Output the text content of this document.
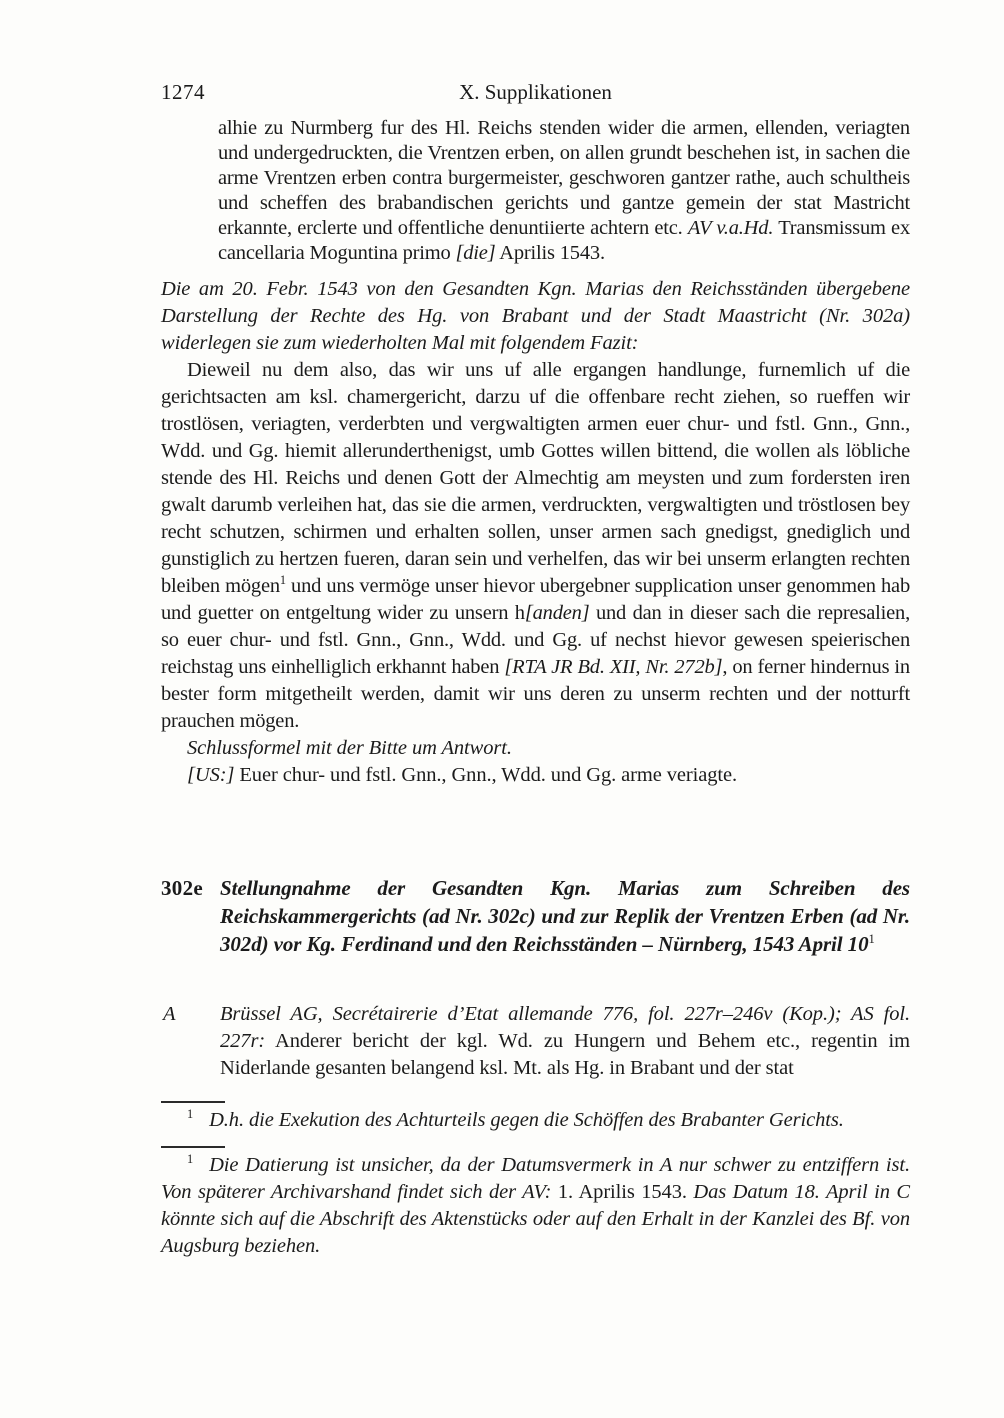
1274	X. Supplikationen

alhie zu Nurmberg fur des Hl. Reichs stenden wider die armen, ellenden, veriagten und undergedruckten, die Vrentzen erben, on allen grundt beschehen ist, in sachen die arme Vrentzen erben contra burgermeister, geschworen gantzer rathe, auch schultheis und scheffen des brabandischen gerichts und gantze gemein der stat Mastricht erkannte, erclerte und offentliche denuntiierte achtern etc. AV v.a.Hd. Transmissum ex cancellaria Moguntina primo [die] Aprilis 1543.

Die am 20. Febr. 1543 von den Gesandten Kgn. Marias den Reichsständen übergebene Darstellung der Rechte des Hg. von Brabant und der Stadt Maastricht (Nr. 302a) widerlegen sie zum wiederholten Mal mit folgendem Fazit:

Dieweil nu dem also, das wir uns uf alle ergangen handlunge, furnemlich uf die gerichtsacten am ksl. chamergericht, darzu uf die offenbare recht ziehen, so rueffen wir trostlösen, veriagten, verderbten und vergwaltigten armen euer chur- und fstl. Gnn., Gnn., Wdd. und Gg. hiemit allerunderthenigst, umb Gottes willen bittend, die wollen als löbliche stende des Hl. Reichs und denen Gott der Almechtig am meysten und zum fordersten iren gwalt darumb verleihen hat, das sie die armen, verdruckten, vergwaltigten und tröstlosen bey recht schutzen, schirmen und erhalten sollen, unser armen sach gnedigst, gnediglich und gunstiglich zu hertzen fueren, daran sein und verhelfen, das wir bei unserm erlangten rechten bleiben mögen$^1$ und uns vermöge unser hievor ubergebner supplication unser genommen hab und guetter on entgeltung wider zu unsern h[anden] und dan in dieser sach die represalien, so euer chur- und fstl. Gnn., Gnn., Wdd. und Gg. uf nechst hievor gewesen speierischen reichstag uns einhelliglich erkhannt haben [RTA JR Bd. XII, Nr. 272b], on ferner hindernus in bester form mitgetheilt werden, damit wir uns deren zu unserm rechten und der notturft prauchen mögen.

Schlussformel mit der Bitte um Antwort.

[US:] Euer chur- und fstl. Gnn., Gnn., Wdd. und Gg. arme veriagte.

302e Stellungnahme der Gesandten Kgn. Marias zum Schreiben des Reichskammergerichts (ad Nr. 302c) und zur Replik der Vrentzen Erben (ad Nr. 302d) vor Kg. Ferdinand und den Reichsständen – Nürnberg, 1543 April $10^1$
A Brüssel AG, Secrétairerie d’Etat allemande 776, fol. 227r–246v (Kop.); AS fol. 227r: Anderer bericht der kgl. Wd. zu Hungern und Behem etc., regentin im Niderlande gesanten belangend ksl. Mt. als Hg. in Brabant und der stat

$^1$ D.h. die Exekution des Achturteils gegen die Schöffen des Brabanter Gerichts.

$^1$ Die Datierung ist unsicher, da der Datumsvermerk in A nur schwer zu entziffern ist. Von späterer Archivarshand findet sich der AV: 1. Aprilis 1543. Das Datum 18. April in C könnte sich auf die Abschrift des Aktenstücks oder auf den Erhalt in der Kanzlei des Bf. von Augsburg beziehen.
